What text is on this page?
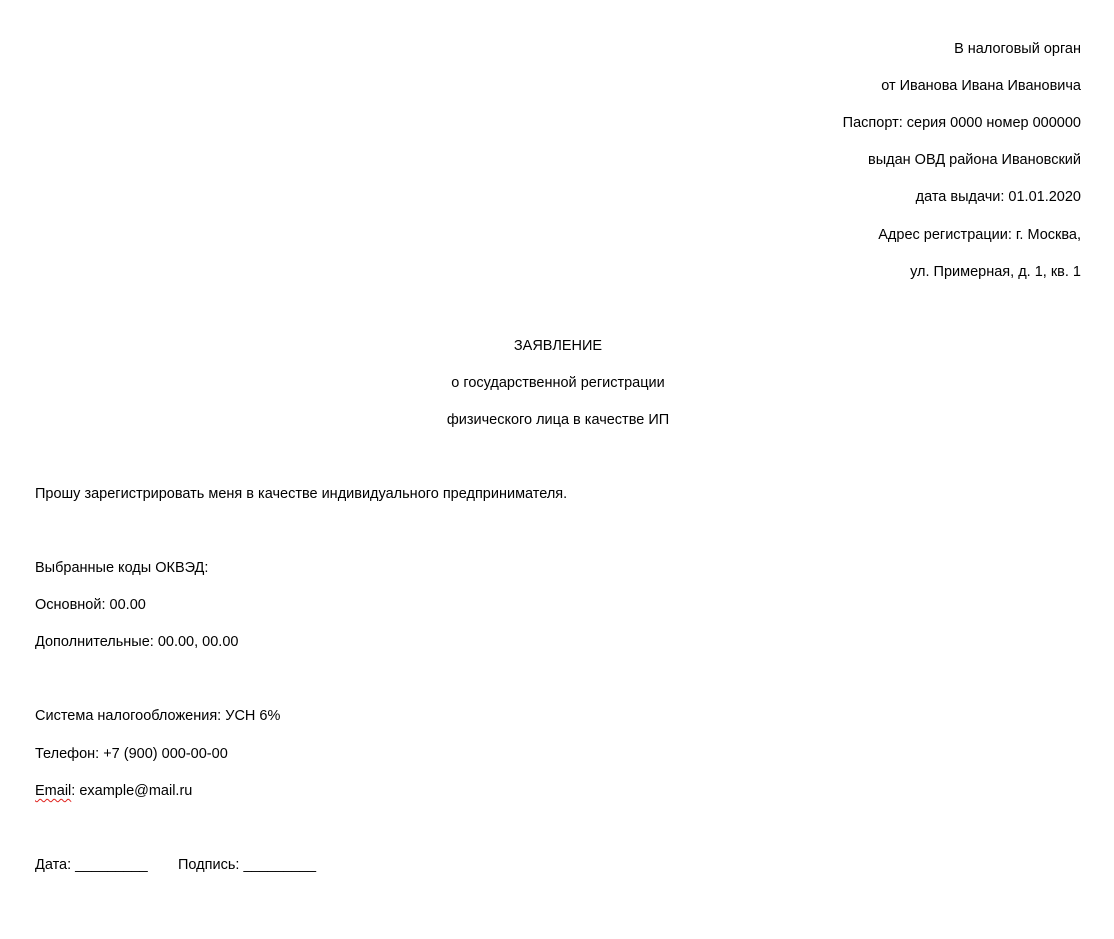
В налоговый орган
от Иванова Ивана Ивановича
Паспорт: серия 0000 номер 000000
выдан ОВД района Ивановский
дата выдачи: 01.01.2020
Адрес регистрации: г. Москва,
ул. Примерная, д. 1, кв. 1
ЗАЯВЛЕНИЕ
о государственной регистрации
физического лица в качестве ИП
Прошу зарегистрировать меня в качестве индивидуального предпринимателя.
Выбранные коды ОКВЭД:
Основной: 00.00
Дополнительные: 00.00, 00.00
Система налогообложения: УСН 6%
Телефон: +7 (900) 000-00-00
Email: example@mail.ru
Дата: _________ Подпись: _________
